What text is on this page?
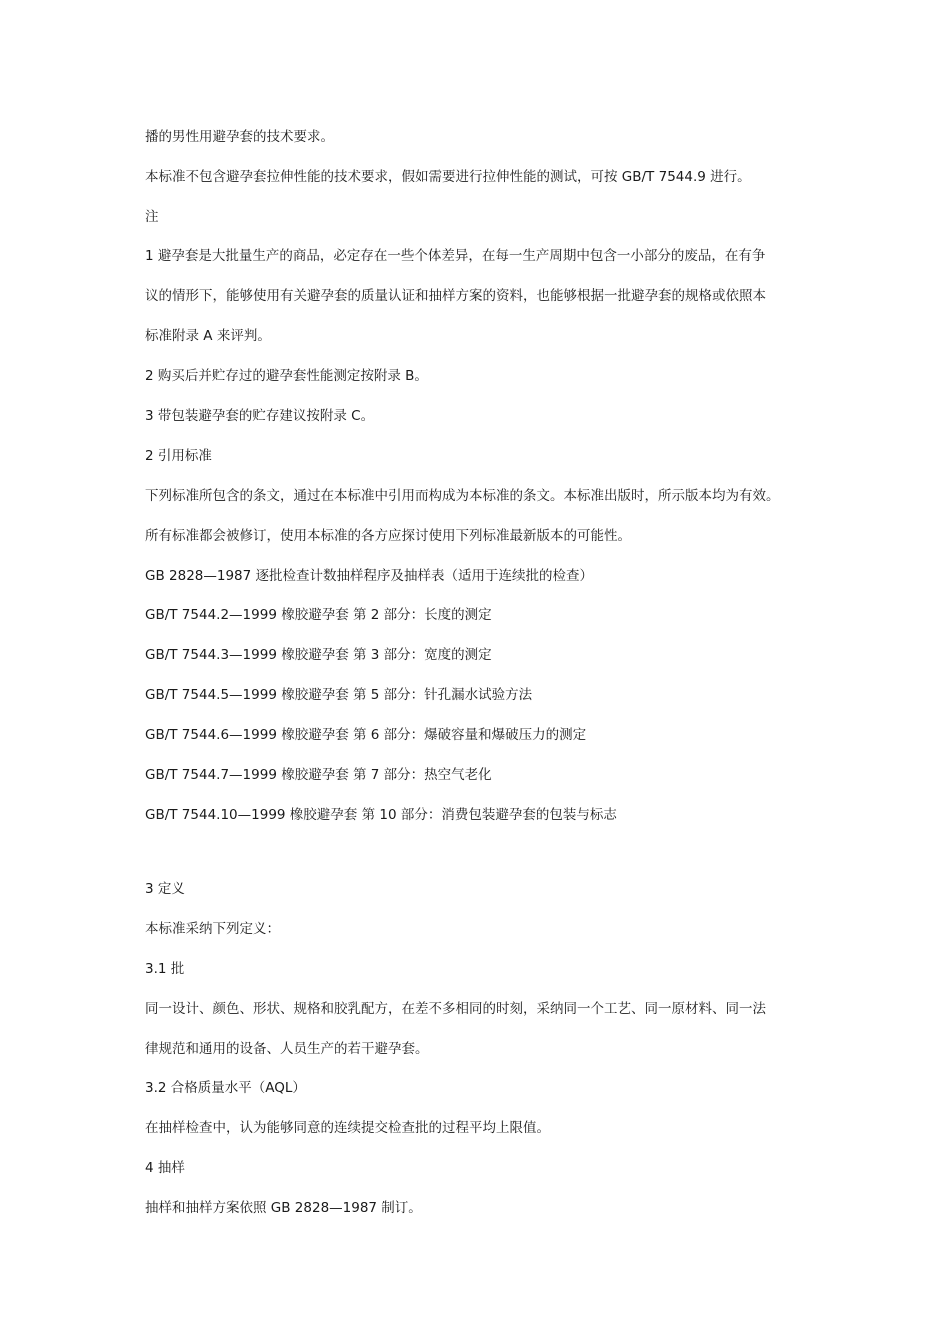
播的男性用避孕套的技术要求。

本标准不包含避孕套拉伸性能的技术要求，假如需要进行拉伸性能的测试，可按 GB/T 7544.9 进行。

注

1 避孕套是大批量生产的商品，必定存在一些个体差异，在每一生产周期中包含一小部分的废品，在有争

议的情形下，能够使用有关避孕套的质量认证和抽样方案的资料，也能够根据一批避孕套的规格或依照本

标准附录 A 来评判。

2 购买后并贮存过的避孕套性能测定按附录 B。

3 带包装避孕套的贮存建议按附录 C。

2 引用标准

下列标准所包含的条文，通过在本标准中引用而构成为本标准的条文。本标准出版时，所示版本均为有效。

所有标准都会被修订，使用本标准的各方应探讨使用下列标准最新版本的可能性。

GB 2828—1987 逐批检查计数抽样程序及抽样表（适用于连续批的检查）

GB/T 7544.2—1999 橡胶避孕套 第 2 部分：长度的测定

GB/T 7544.3—1999 橡胶避孕套 第 3 部分：宽度的测定

GB/T 7544.5—1999 橡胶避孕套 第 5 部分：针孔漏水试验方法

GB/T 7544.6—1999 橡胶避孕套 第 6 部分：爆破容量和爆破压力的测定

GB/T 7544.7—1999 橡胶避孕套 第 7 部分：热空气老化

GB/T 7544.10—1999 橡胶避孕套 第 10 部分：消费包装避孕套的包装与标志

3 定义

本标准采纳下列定义：

3.1 批

同一设计、颜色、形状、规格和胶乳配方，在差不多相同的时刻，采纳同一个工艺、同一原材料、同一法

律规范和通用的设备、人员生产的若干避孕套。

3.2 合格质量水平（AQL）

在抽样检查中，认为能够同意的连续提交检查批的过程平均上限值。

4 抽样

抽样和抽样方案依照 GB 2828—1987 制订。
